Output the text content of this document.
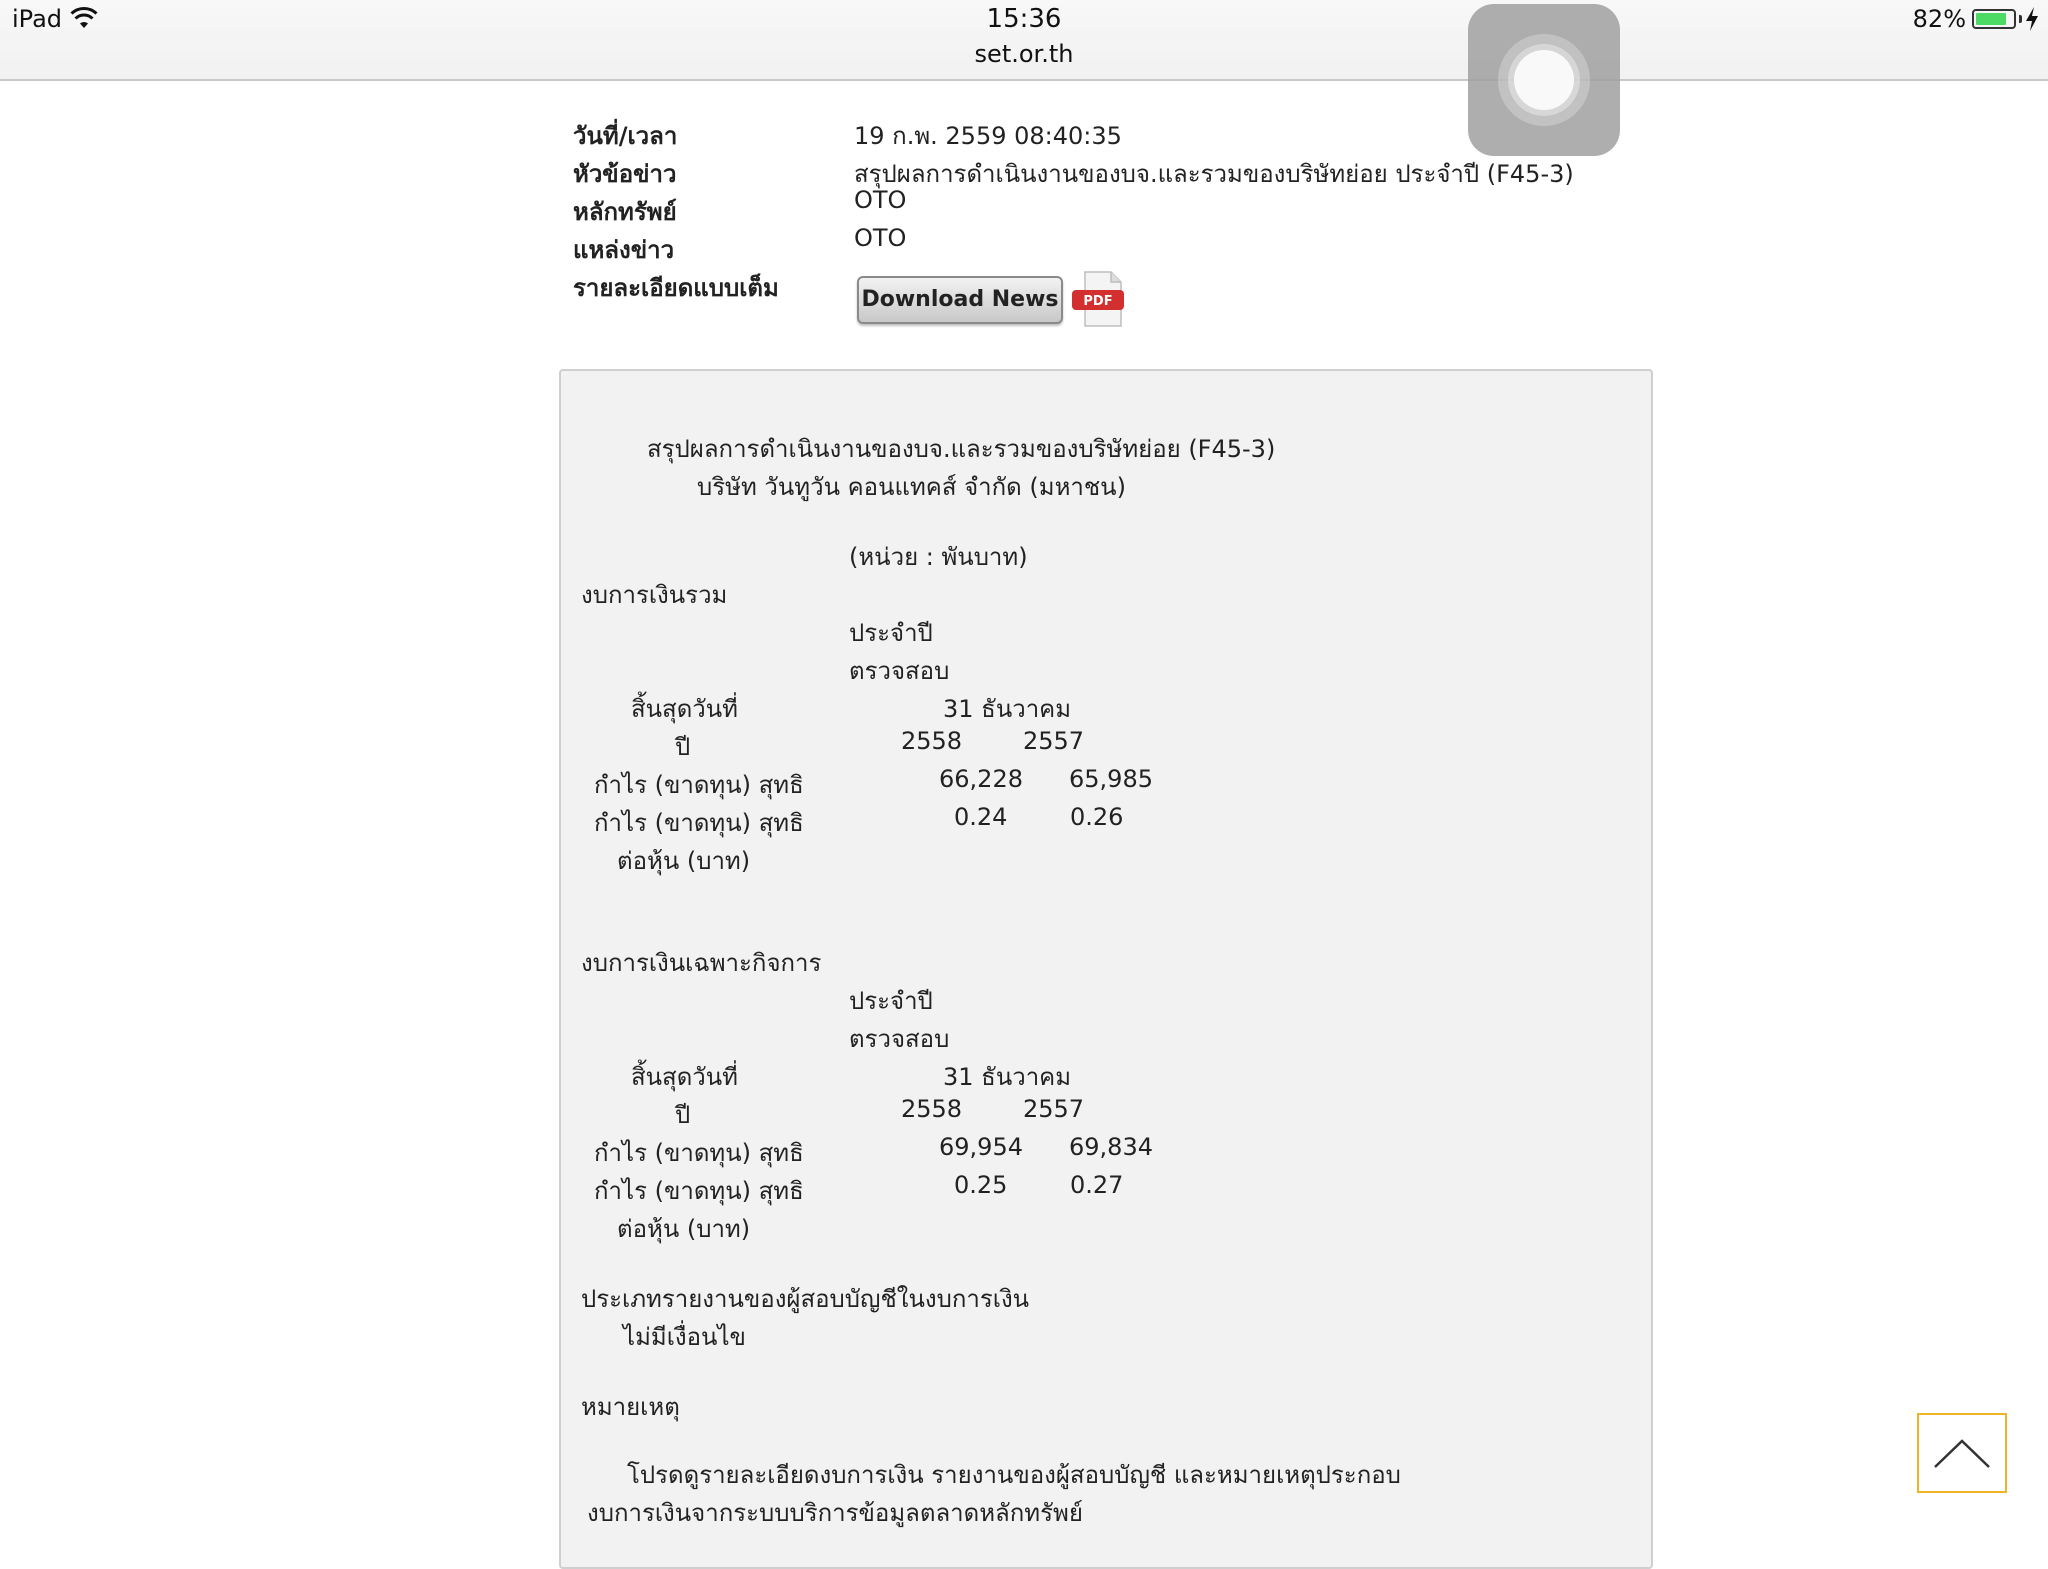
iPad	15:36
set.or.th
82%
วันที่/เวลา	19 ก.พ. 2559 08:40:35
หัวข้อข่าว	สรุปผลการดำเนินงานของบจ.และรวมของบริษัทย่อย ประจำปี (F45-3)
หลักทรัพย์	OTO
แหล่งข่าว	OTO
รายละเอียดแบบเต็ม	Download News	PDF
สรุปผลการดำเนินงานของบจ.และรวมของบริษัทย่อย (F45-3)
บริษัท วันทูวัน คอนแทคส์ จำกัด (มหาชน)
(หน่วย : พันบาท)
งบการเงินรวม
ประจำปี
ตรวจสอบ
สิ้นสุดวันที่	31 ธันวาคม
ปี	2558	2557
กำไร (ขาดทุน) สุทธิ	66,228 65,985
กำไร (ขาดทุน) สุทธิ	0.24	0.26
ต่อหุ้น (บาท)
งบการเงินเฉพาะกิจการ
ประจำปี
ตรวจสอบ
สิ้นสุดวันที่	31 ธันวาคม
ปี	2558	2557
กำไร (ขาดทุน) สุทธิ	69,954 69,834
กำไร (ขาดทุน) สุทธิ	0.25	0.27
ต่อหุ้น (บาท)
ประเภทรายงานของผู้สอบบัญชีในงบการเงิน
ไม่มีเงื่อนไข
หมายเหตุ
โปรดดูรายละเอียดงบการเงิน รายงานของผู้สอบบัญชี และหมายเหตุประกอบ
งบการเงินจากระบบบริการข้อมูลตลาดหลักทรัพย์
